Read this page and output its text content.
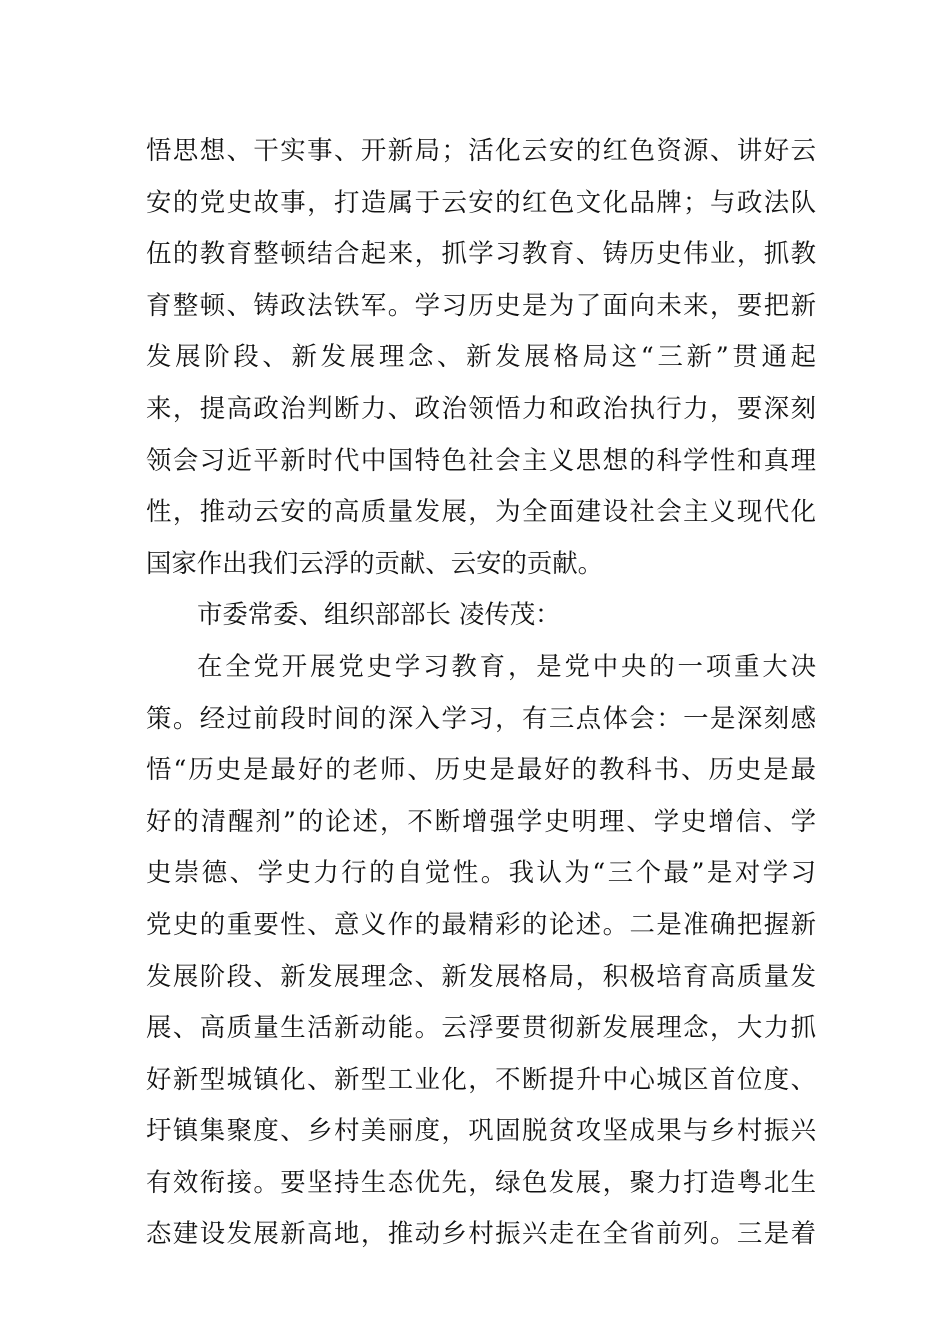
悟思想、干实事、开新局；活化云安的红色资源、讲好云
安的党史故事，打造属于云安的红色文化品牌；与政法队
伍的教育整顿结合起来，抓学习教育、铸历史伟业，抓教
育整顿、铸政法铁军。学习历史是为了面向未来，要把新
发展阶段、新发展理念、新发展格局这“三新”贯通起
来，提高政治判断力、政治领悟力和政治执行力，要深刻
领会习近平新时代中国特色社会主义思想的科学性和真理
性，推动云安的高质量发展，为全面建设社会主义现代化
国家作出我们云浮的贡献、云安的贡献。
市委常委、组织部部长 凌传茂：
在全党开展党史学习教育，是党中央的一项重大决
策。经过前段时间的深入学习，有三点体会：一是深刻感
悟“历史是最好的老师、历史是最好的教科书、历史是最
好的清醒剂”的论述，不断增强学史明理、学史增信、学
史崇德、学史力行的自觉性。我认为“三个最”是对学习
党史的重要性、意义作的最精彩的论述。二是准确把握新
发展阶段、新发展理念、新发展格局，积极培育高质量发
展、高质量生活新动能。云浮要贯彻新发展理念，大力抓
好新型城镇化、新型工业化，不断提升中心城区首位度、
圩镇集聚度、乡村美丽度，巩固脱贫攻坚成果与乡村振兴
有效衔接。要坚持生态优先，绿色发展，聚力打造粤北生
态建设发展新高地，推动乡村振兴走在全省前列。三是着
